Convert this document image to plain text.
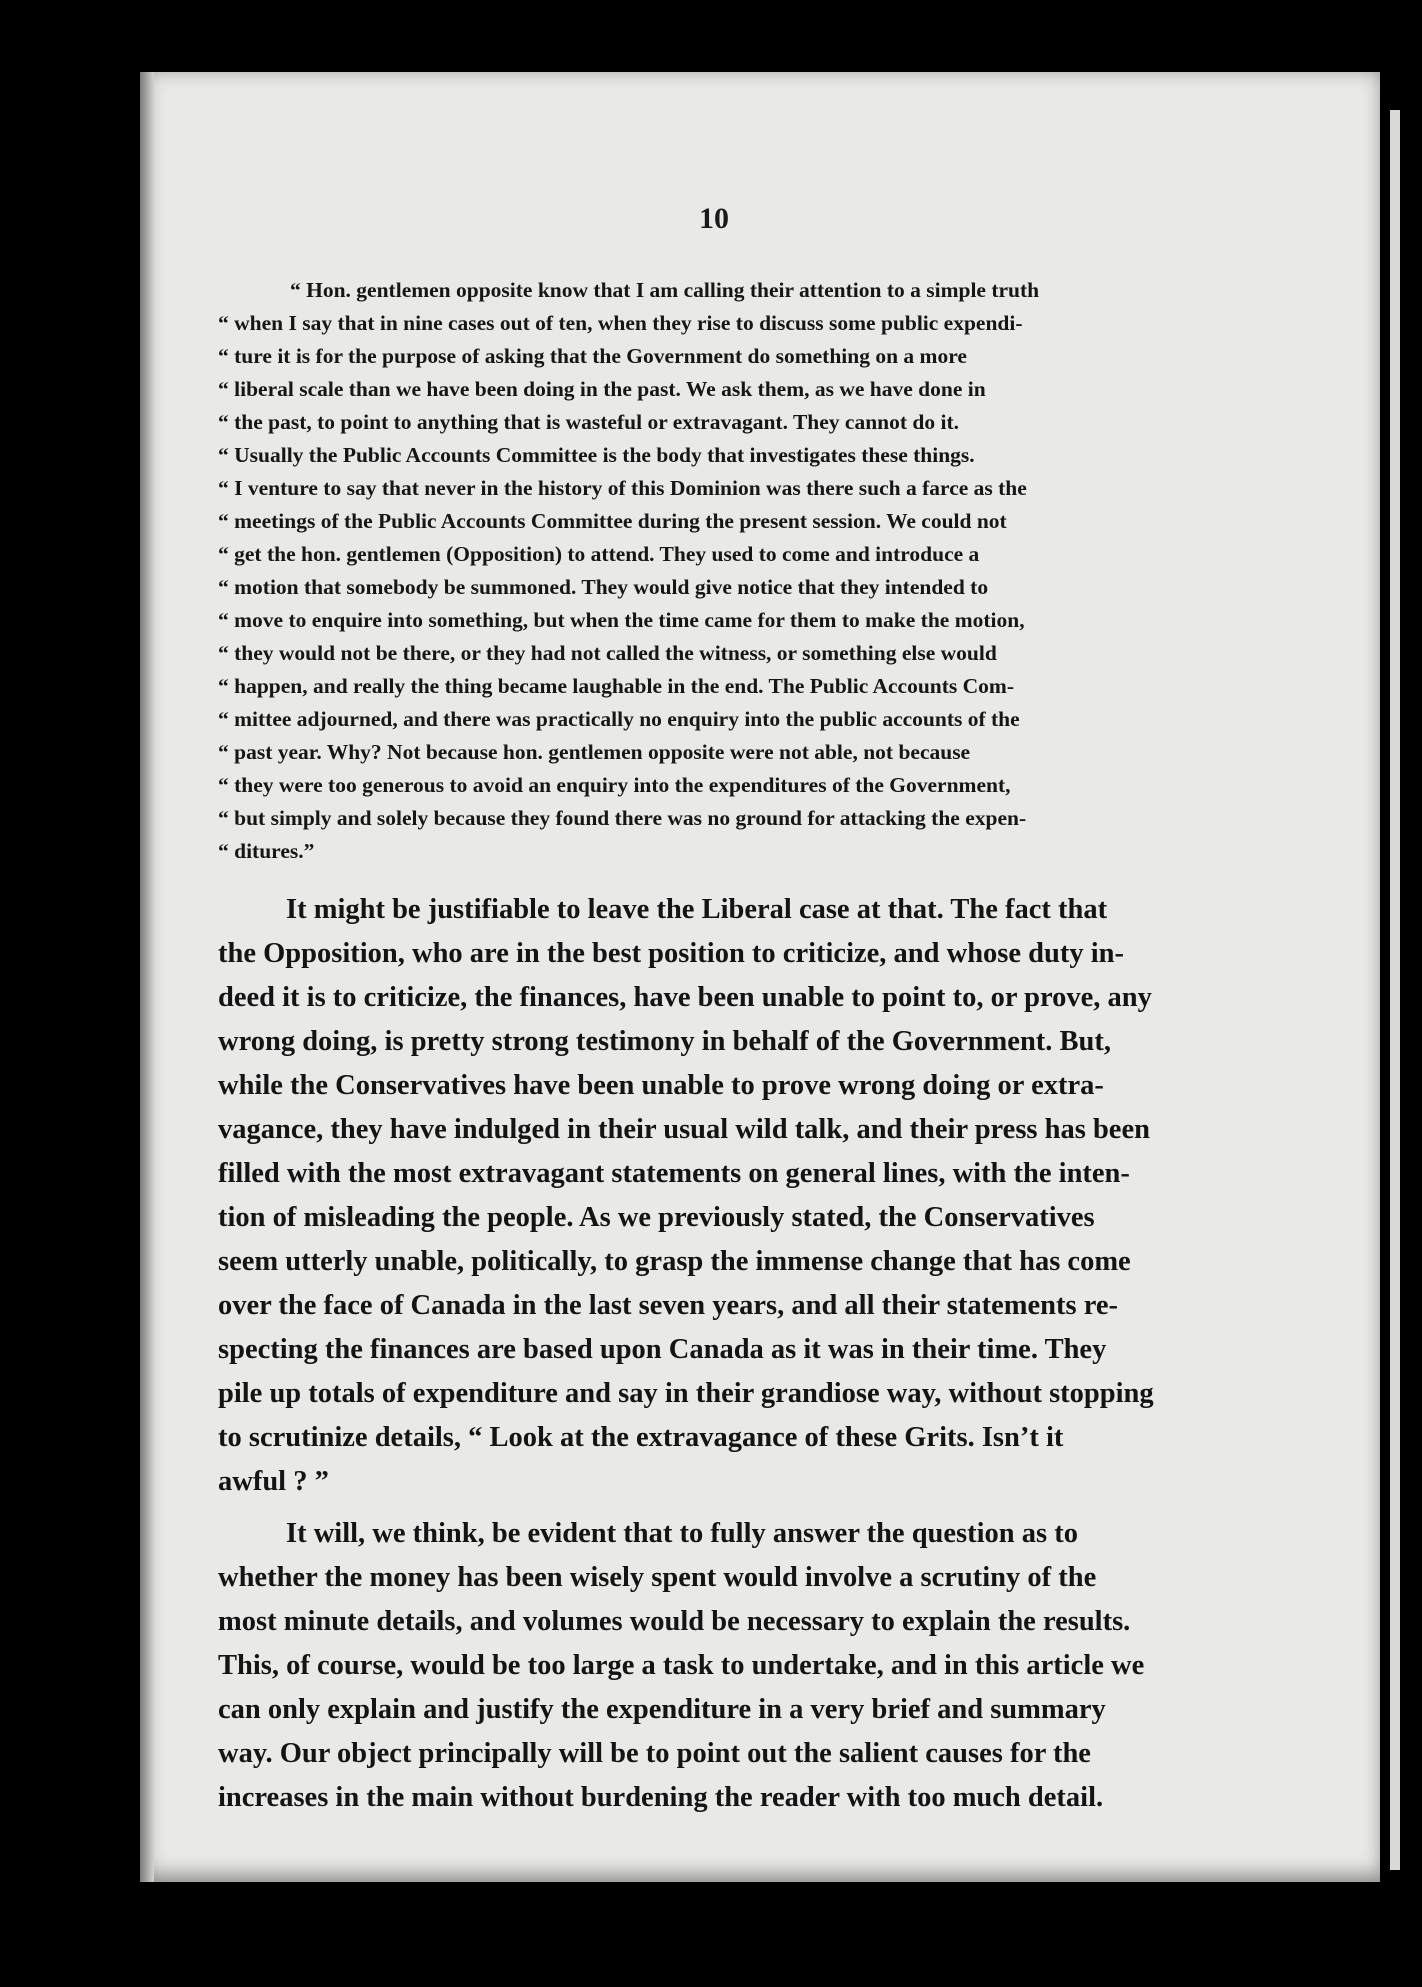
10
“ Hon. gentlemen opposite know that I am calling their attention to a simple truth
“ when I say that in nine cases out of ten, when they rise to discuss some public expendi-
“ ture it is for the purpose of asking that the Government do something on a more
“ liberal scale than we have been doing in the past. We ask them, as we have done in
“ the past, to point to anything that is wasteful or extravagant. They cannot do it.
“ Usually the Public Accounts Committee is the body that investigates these things.
“ I venture to say that never in the history of this Dominion was there such a farce as the
“ meetings of the Public Accounts Committee during the present session. We could not
“ get the hon. gentlemen (Opposition) to attend. They used to come and introduce a
“ motion that somebody be summoned. They would give notice that they intended to
“ move to enquire into something, but when the time came for them to make the motion,
“ they would not be there, or they had not called the witness, or something else would
“ happen, and really the thing became laughable in the end. The Public Accounts Com-
“ mittee adjourned, and there was practically no enquiry into the public accounts of the
“ past year. Why? Not because hon. gentlemen opposite were not able, not because
“ they were too generous to avoid an enquiry into the expenditures of the Government,
“ but simply and solely because they found there was no ground for attacking the expen-
“ ditures.”
It might be justifiable to leave the Liberal case at that. The fact that
the Opposition, who are in the best position to criticize, and whose duty in-
deed it is to criticize, the finances, have been unable to point to, or prove, any
wrong doing, is pretty strong testimony in behalf of the Government. But,
while the Conservatives have been unable to prove wrong doing or extra-
vagance, they have indulged in their usual wild talk, and their press has been
filled with the most extravagant statements on general lines, with the inten-
tion of misleading the people. As we previously stated, the Conservatives
seem utterly unable, politically, to grasp the immense change that has come
over the face of Canada in the last seven years, and all their statements re-
specting the finances are based upon Canada as it was in their time. They
pile up totals of expenditure and say in their grandiose way, without stopping
to scrutinize details, “ Look at the extravagance of these Grits. Isn’t it
awful ? ”
It will, we think, be evident that to fully answer the question as to
whether the money has been wisely spent would involve a scrutiny of the
most minute details, and volumes would be necessary to explain the results.
This, of course, would be too large a task to undertake, and in this article we
can only explain and justify the expenditure in a very brief and summary
way. Our object principally will be to point out the salient causes for the
increases in the main without burdening the reader with too much detail.
